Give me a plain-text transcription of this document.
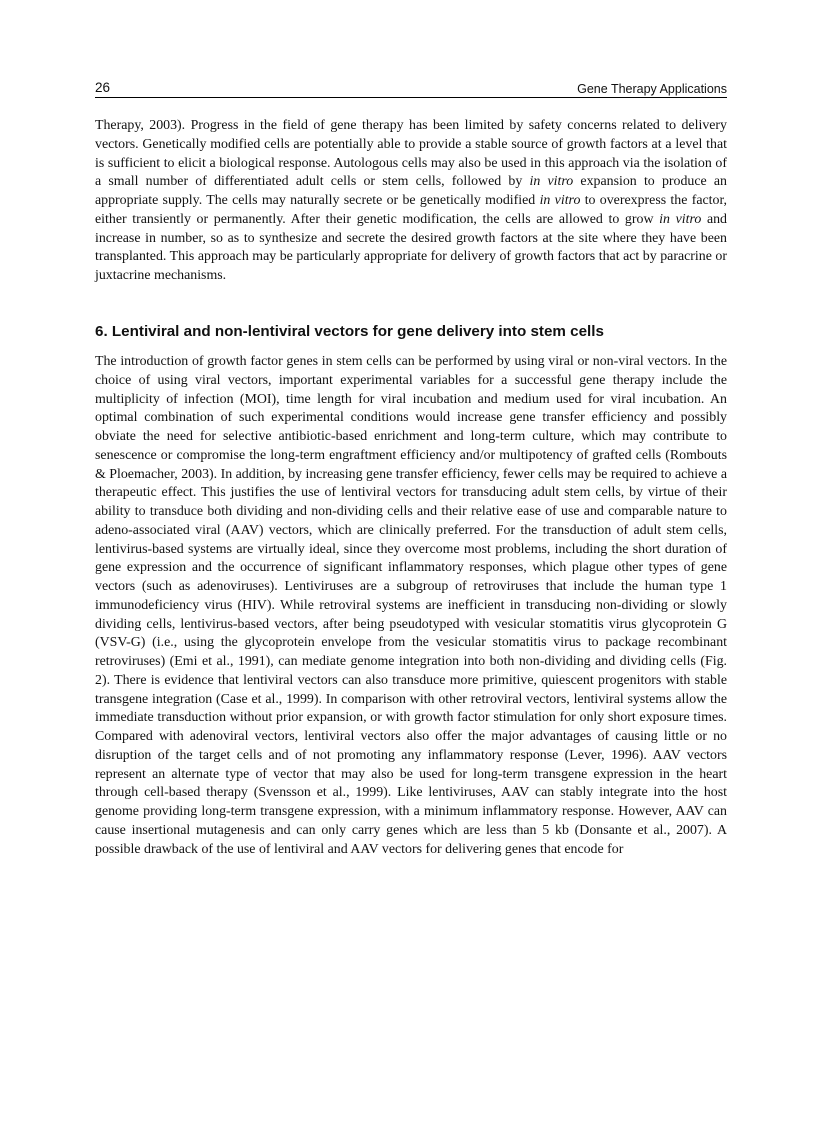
26	Gene Therapy Applications

Therapy, 2003). Progress in the field of gene therapy has been limited by safety concerns related to delivery vectors. Genetically modified cells are potentially able to provide a stable source of growth factors at a level that is sufficient to elicit a biological response. Autologous cells may also be used in this approach via the isolation of a small number of differentiated adult cells or stem cells, followed by in vitro expansion to produce an appropriate supply. The cells may naturally secrete or be genetically modified in vitro to overexpress the factor, either transiently or permanently. After their genetic modification, the cells are allowed to grow in vitro and increase in number, so as to synthesize and secrete the desired growth factors at the site where they have been transplanted. This approach may be particularly appropriate for delivery of growth factors that act by paracrine or juxtacrine mechanisms.

6. Lentiviral and non-lentiviral vectors for gene delivery into stem cells

The introduction of growth factor genes in stem cells can be performed by using viral or non-viral vectors. In the choice of using viral vectors, important experimental variables for a successful gene therapy include the multiplicity of infection (MOI), time length for viral incubation and medium used for viral incubation. An optimal combination of such experimental conditions would increase gene transfer efficiency and possibly obviate the need for selective antibiotic-based enrichment and long-term culture, which may contribute to senescence or compromise the long-term engraftment efficiency and/or multipotency of grafted cells (Rombouts & Ploemacher, 2003). In addition, by increasing gene transfer efficiency, fewer cells may be required to achieve a therapeutic effect. This justifies the use of lentiviral vectors for transducing adult stem cells, by virtue of their ability to transduce both dividing and non-dividing cells and their relative ease of use and comparable nature to adeno-associated viral (AAV) vectors, which are clinically preferred. For the transduction of adult stem cells, lentivirus-based systems are virtually ideal, since they overcome most problems, including the short duration of gene expression and the occurrence of significant inflammatory responses, which plague other types of gene vectors (such as adenoviruses). Lentiviruses are a subgroup of retroviruses that include the human type 1 immunodeficiency virus (HIV). While retroviral systems are inefficient in transducing non-dividing or slowly dividing cells, lentivirus-based vectors, after being pseudotyped with vesicular stomatitis virus glycoprotein G (VSV-G) (i.e., using the glycoprotein envelope from the vesicular stomatitis virus to package recombinant retroviruses) (Emi et al., 1991), can mediate genome integration into both non-dividing and dividing cells (Fig. 2). There is evidence that lentiviral vectors can also transduce more primitive, quiescent progenitors with stable transgene integration (Case et al., 1999). In comparison with other retroviral vectors, lentiviral systems allow the immediate transduction without prior expansion, or with growth factor stimulation for only short exposure times. Compared with adenoviral vectors, lentiviral vectors also offer the major advantages of causing little or no disruption of the target cells and of not promoting any inflammatory response (Lever, 1996). AAV vectors represent an alternate type of vector that may also be used for long-term transgene expression in the heart through cell-based therapy (Svensson et al., 1999). Like lentiviruses, AAV can stably integrate into the host genome providing long-term transgene expression, with a minimum inflammatory response. However, AAV can cause insertional mutagenesis and can only carry genes which are less than 5 kb (Donsante et al., 2007). A possible drawback of the use of lentiviral and AAV vectors for delivering genes that encode for
